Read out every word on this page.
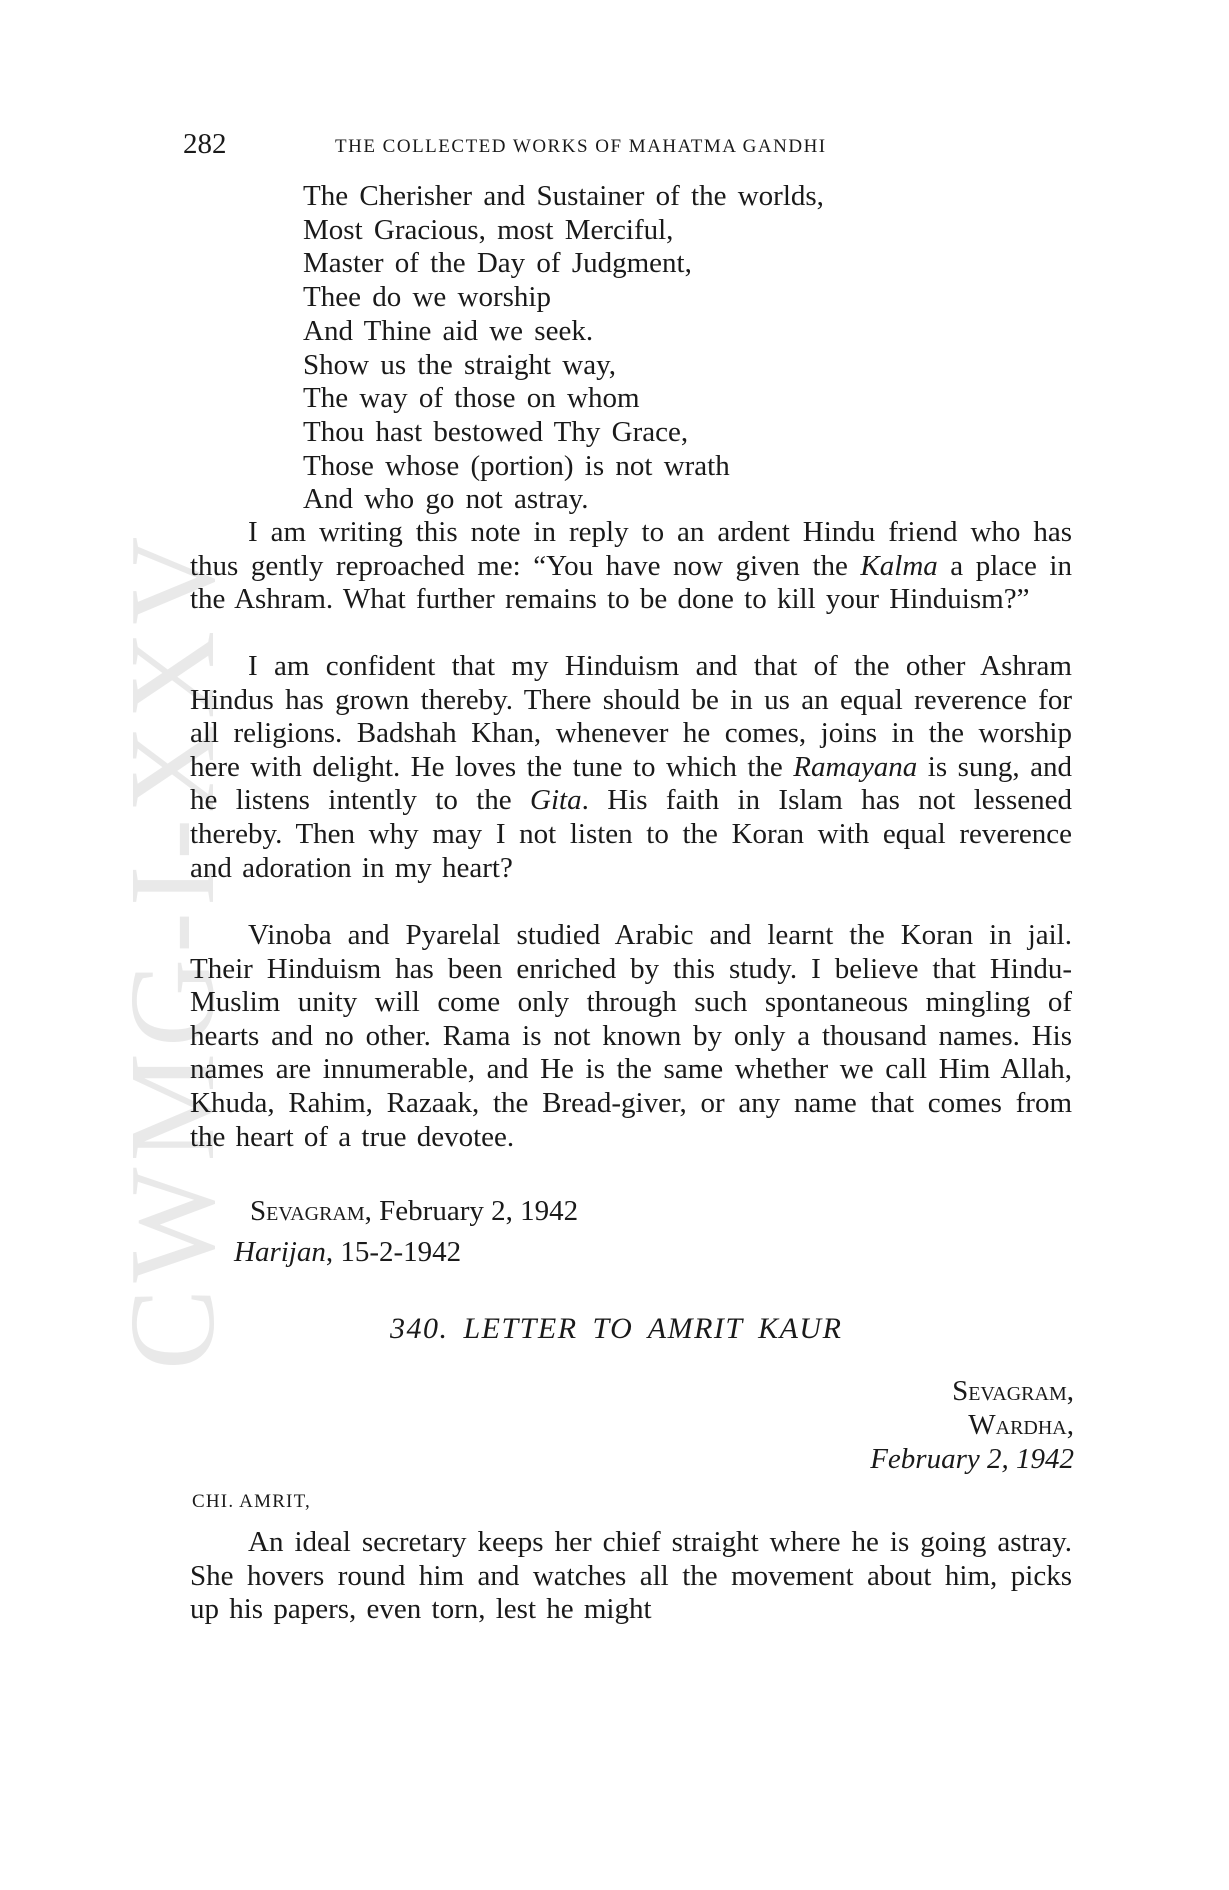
CWMG-I-XXV
282	THE COLLECTED WORKS OF MAHATMA GANDHI
The Cherisher and Sustainer of the worlds,
Most Gracious, most Merciful,
Master of the Day of Judgment,
Thee do we worship
And Thine aid we seek.
Show us the straight way,
The way of those on whom
Thou hast bestowed Thy Grace,
Those whose (portion) is not wrath
And who go not astray.

I am writing this note in reply to an ardent Hindu friend who has thus gently reproached me: “You have now given the Kalma a place in the Ashram. What further remains to be done to kill your Hinduism?”

I am confident that my Hinduism and that of the other Ashram Hindus has grown thereby. There should be in us an equal reverence for all religions. Badshah Khan, whenever he comes, joins in the worship here with delight. He loves the tune to which the Ramayana is sung, and he listens intently to the Gita. His faith in Islam has not lessened thereby. Then why may I not listen to the Koran with equal reverence and adoration in my heart?

Vinoba and Pyarelal studied Arabic and learnt the Koran in jail. Their Hinduism has been enriched by this study. I believe that Hindu-Muslim unity will come only through such spontaneous mingling of hearts and no other. Rama is not known by only a thousand names. His names are innumerable, and He is the same whether we call Him Allah, Khuda, Rahim, Razaak, the Bread-giver, or any name that comes from the heart of a true devotee.

Sevagram, February 2, 1942
Harijan, 15-2-1942
340. LETTER TO AMRIT KAUR
Sevagram,
Wardha,
February 2, 1942
CHI. AMRIT,

An ideal secretary keeps her chief straight where he is going astray. She hovers round him and watches all the movement about him, picks up his papers, even torn, lest he might
